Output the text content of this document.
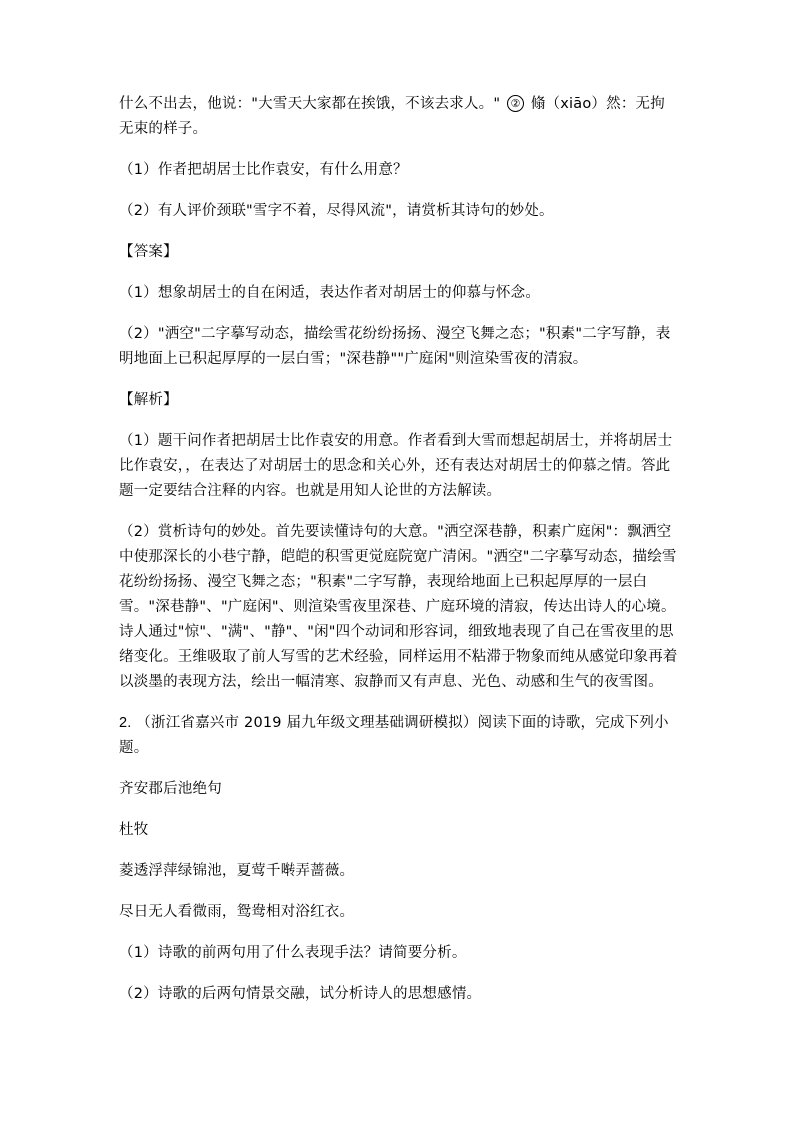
什么不出去，他说："大雪天大家都在挨饿，不该去求人。" ② 翛（xiāo）然：无拘无束的样子。

（1）作者把胡居士比作袁安，有什么用意？

（2）有人评价颈联"雪字不着，尽得风流"，请赏析其诗句的妙处。

【答案】

（1）想象胡居士的自在闲适，表达作者对胡居士的仰慕与怀念。

（2）"洒空"二字摹写动态，描绘雪花纷纷扬扬、漫空飞舞之态；"积素"二字写静，表明地面上已积起厚厚的一层白雪；"深巷静""广庭闲"则渲染雪夜的清寂。

【解析】

（1）题干问作者把胡居士比作袁安的用意。作者看到大雪而想起胡居士，并将胡居士比作袁安，，在表达了对胡居士的思念和关心外，还有表达对胡居士的仰慕之情。答此题一定要结合注释的内容。也就是用知人论世的方法解读。

（2）赏析诗句的妙处。首先要读懂诗句的大意。"洒空深巷静，积素广庭闲"：飘洒空中使那深长的小巷宁静，皑皑的积雪更觉庭院宽广清闲。"洒空"二字摹写动态，描绘雪花纷纷扬扬、漫空飞舞之态；"积素"二字写静，表现给地面上已积起厚厚的一层白雪。"深巷静"、"广庭闲"、则渲染雪夜里深巷、广庭环境的清寂，传达出诗人的心境。诗人通过"惊"、"满"、"静"、"闲"四个动词和形容词，细致地表现了自己在雪夜里的思绪变化。王维吸取了前人写雪的艺术经验，同样运用不粘滞于物象而纯从感觉印象再着以淡墨的表现方法，绘出一幅清寒、寂静而又有声息、光色、动感和生气的夜雪图。

2. （浙江省嘉兴市 2019 届九年级文理基础调研模拟）阅读下面的诗歌，完成下列小题。

齐安郡后池绝句

杜牧

菱透浮萍绿锦池，夏莺千啭弄蔷薇。

尽日无人看微雨，鸳鸯相对浴红衣。

（1）诗歌的前两句用了什么表现手法？请简要分析。

（2）诗歌的后两句情景交融，试分析诗人的思想感情。
